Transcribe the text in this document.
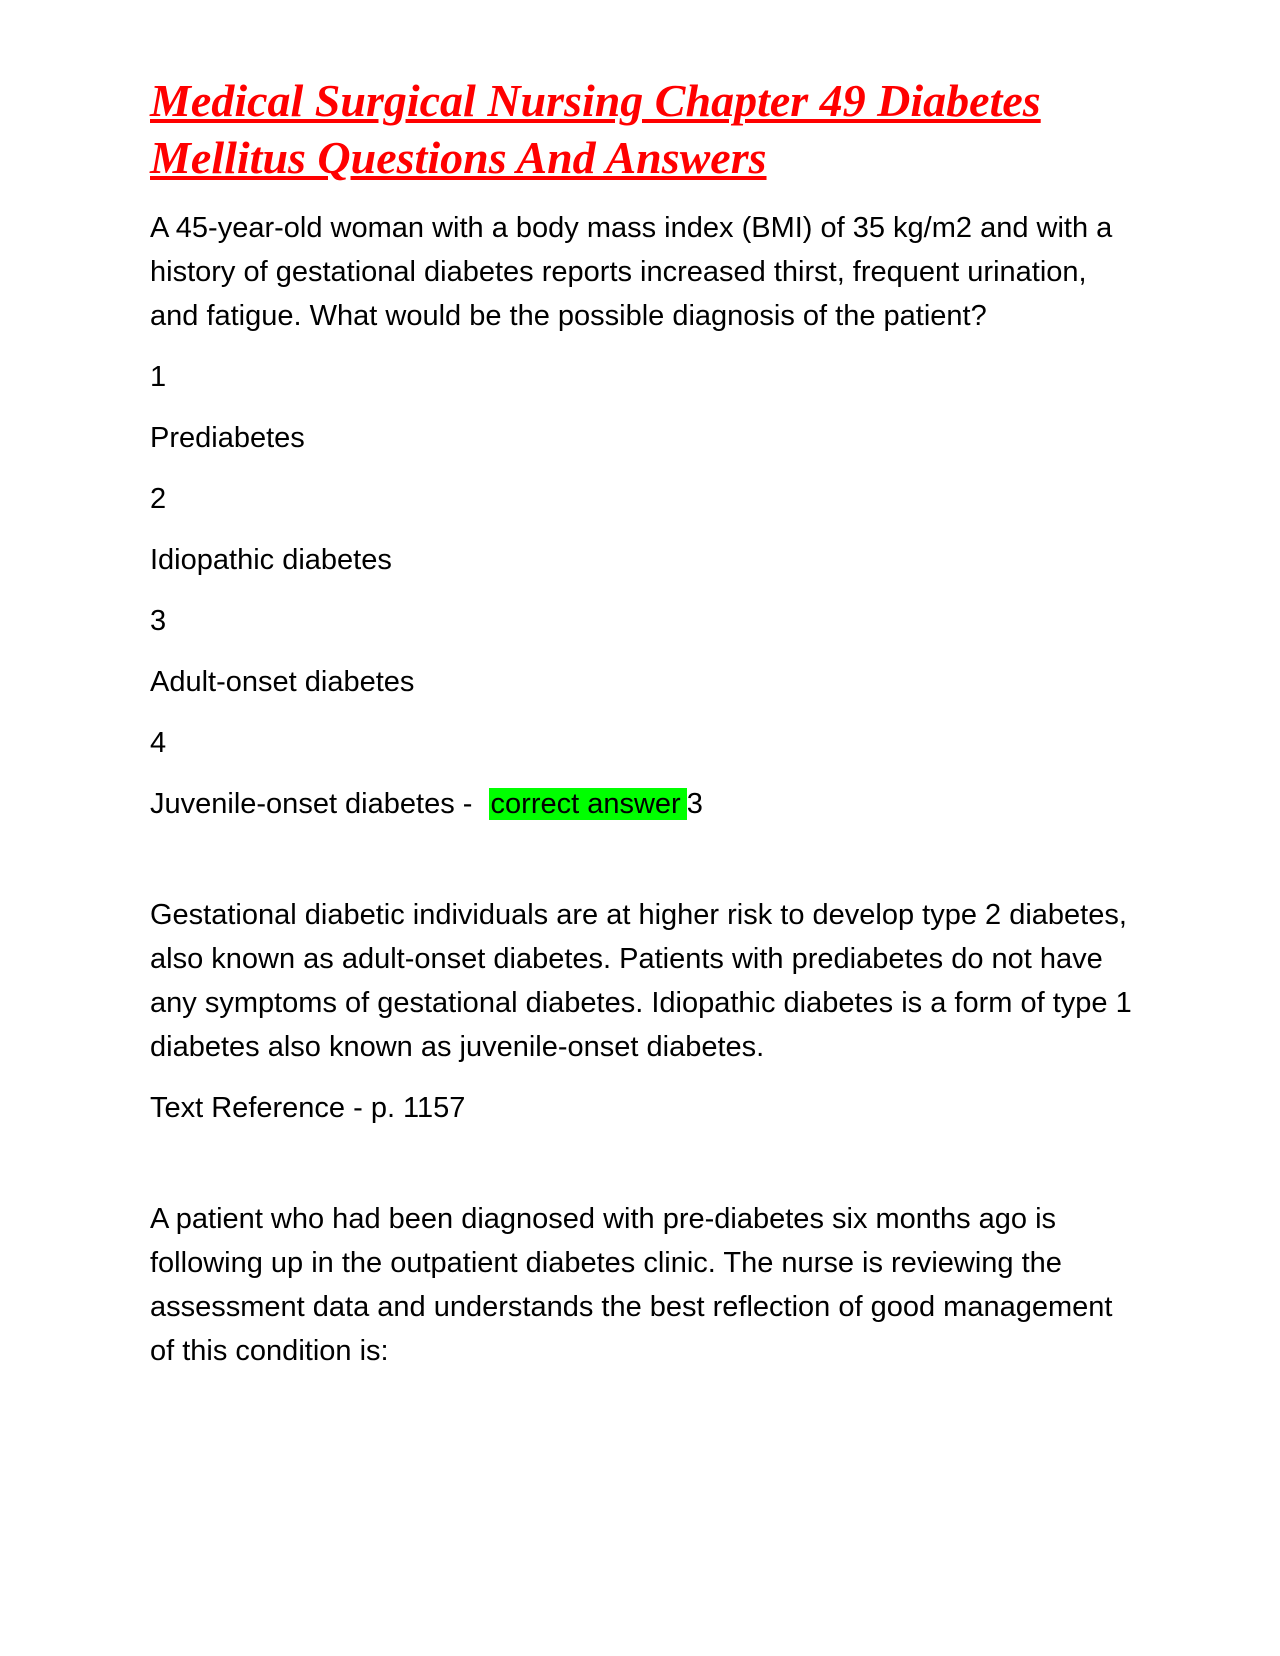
Medical Surgical Nursing Chapter 49 Diabetes Mellitus Questions And Answers

A 45-year-old woman with a body mass index (BMI) of 35 kg/m2 and with a history of gestational diabetes reports increased thirst, frequent urination, and fatigue. What would be the possible diagnosis of the patient?

1

Prediabetes

2

Idiopathic diabetes

3

Adult-onset diabetes

4

Juvenile-onset diabetes - correct answer 3

Gestational diabetic individuals are at higher risk to develop type 2 diabetes, also known as adult-onset diabetes. Patients with prediabetes do not have any symptoms of gestational diabetes. Idiopathic diabetes is a form of type 1 diabetes also known as juvenile-onset diabetes.

Text Reference - p. 1157

A patient who had been diagnosed with pre-diabetes six months ago is following up in the outpatient diabetes clinic. The nurse is reviewing the assessment data and understands the best reflection of good management of this condition is:
